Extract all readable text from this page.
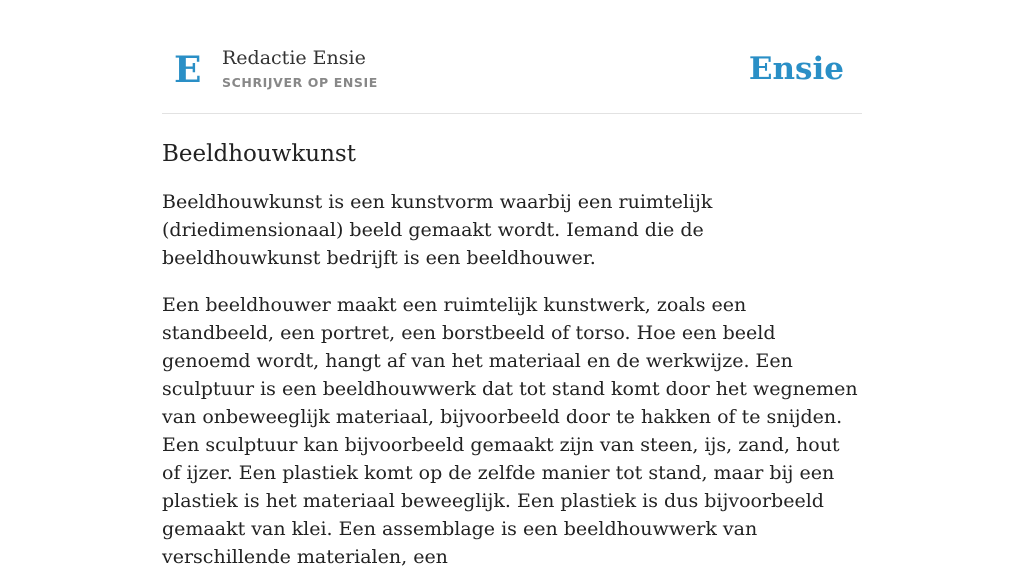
E Redactie Ensie
SCHRIJVER OP ENSIE	Ensie
Beeldhouwkunst

Beeldhouwkunst is een kunstvorm waarbij een ruimtelijk (driedimensionaal) beeld gemaakt wordt. Iemand die de beeldhouwkunst bedrijft is een beeldhouwer.

Een beeldhouwer maakt een ruimtelijk kunstwerk, zoals een standbeeld, een portret, een borstbeeld of torso. Hoe een beeld genoemd wordt, hangt af van het materiaal en de werkwijze. Een sculptuur is een beeldhouwwerk dat tot stand komt door het wegnemen van onbeweeglijk materiaal, bijvoorbeeld door te hakken of te snijden. Een sculptuur kan bijvoorbeeld gemaakt zijn van steen, ijs, zand, hout of ijzer. Een plastiek komt op de zelfde manier tot stand, maar bij een plastiek is het materiaal beweeglijk. Een plastiek is dus bijvoorbeeld gemaakt van klei. Een assemblage is een beeldhouwwerk van verschillende materialen, een
